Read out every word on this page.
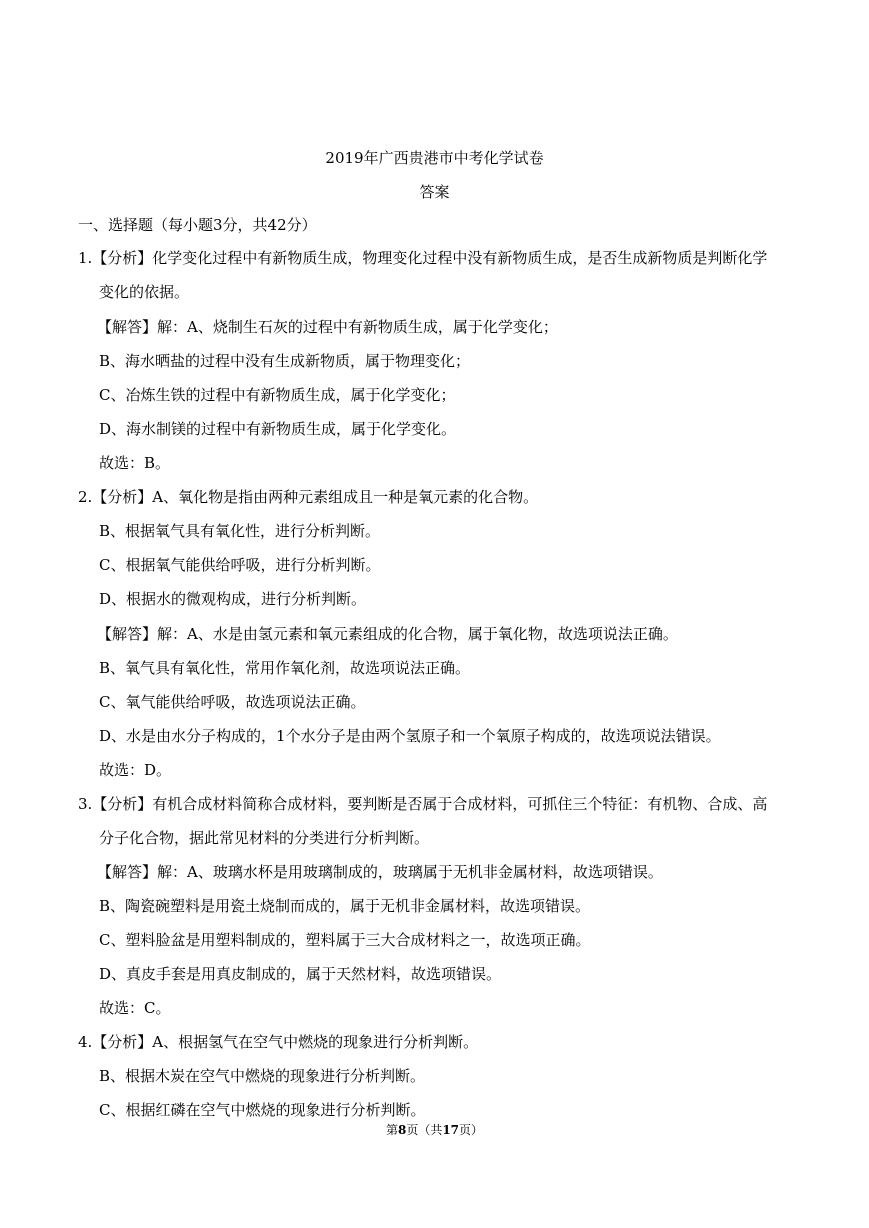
2019年广西贵港市中考化学试卷
答案
一、选择题（每小题3分，共42分）
1.【分析】化学变化过程中有新物质生成，物理变化过程中没有新物质生成，是否生成新物质是判断化学
变化的依据。
【解答】解：A、烧制生石灰的过程中有新物质生成，属于化学变化；
B、海水晒盐的过程中没有生成新物质，属于物理变化；
C、冶炼生铁的过程中有新物质生成，属于化学变化；
D、海水制镁的过程中有新物质生成，属于化学变化。
故选：B。
2.【分析】A、氧化物是指由两种元素组成且一种是氧元素的化合物。
B、根据氧气具有氧化性，进行分析判断。
C、根据氧气能供给呼吸，进行分析判断。
D、根据水的微观构成，进行分析判断。
【解答】解：A、水是由氢元素和氧元素组成的化合物，属于氧化物，故选项说法正确。
B、氧气具有氧化性，常用作氧化剂，故选项说法正确。
C、氧气能供给呼吸，故选项说法正确。
D、水是由水分子构成的，1个水分子是由两个氢原子和一个氧原子构成的，故选项说法错误。
故选：D。
3.【分析】有机合成材料简称合成材料，要判断是否属于合成材料，可抓住三个特征：有机物、合成、高
分子化合物，据此常见材料的分类进行分析判断。
【解答】解：A、玻璃水杯是用玻璃制成的，玻璃属于无机非金属材料，故选项错误。
B、陶瓷碗塑料是用瓷土烧制而成的，属于无机非金属材料，故选项错误。
C、塑料脸盆是用塑料制成的，塑料属于三大合成材料之一，故选项正确。
D、真皮手套是用真皮制成的，属于天然材料，故选项错误。
故选：C。
4.【分析】A、根据氢气在空气中燃烧的现象进行分析判断。
B、根据木炭在空气中燃烧的现象进行分析判断。
C、根据红磷在空气中燃烧的现象进行分析判断。
第8页（共17页）
